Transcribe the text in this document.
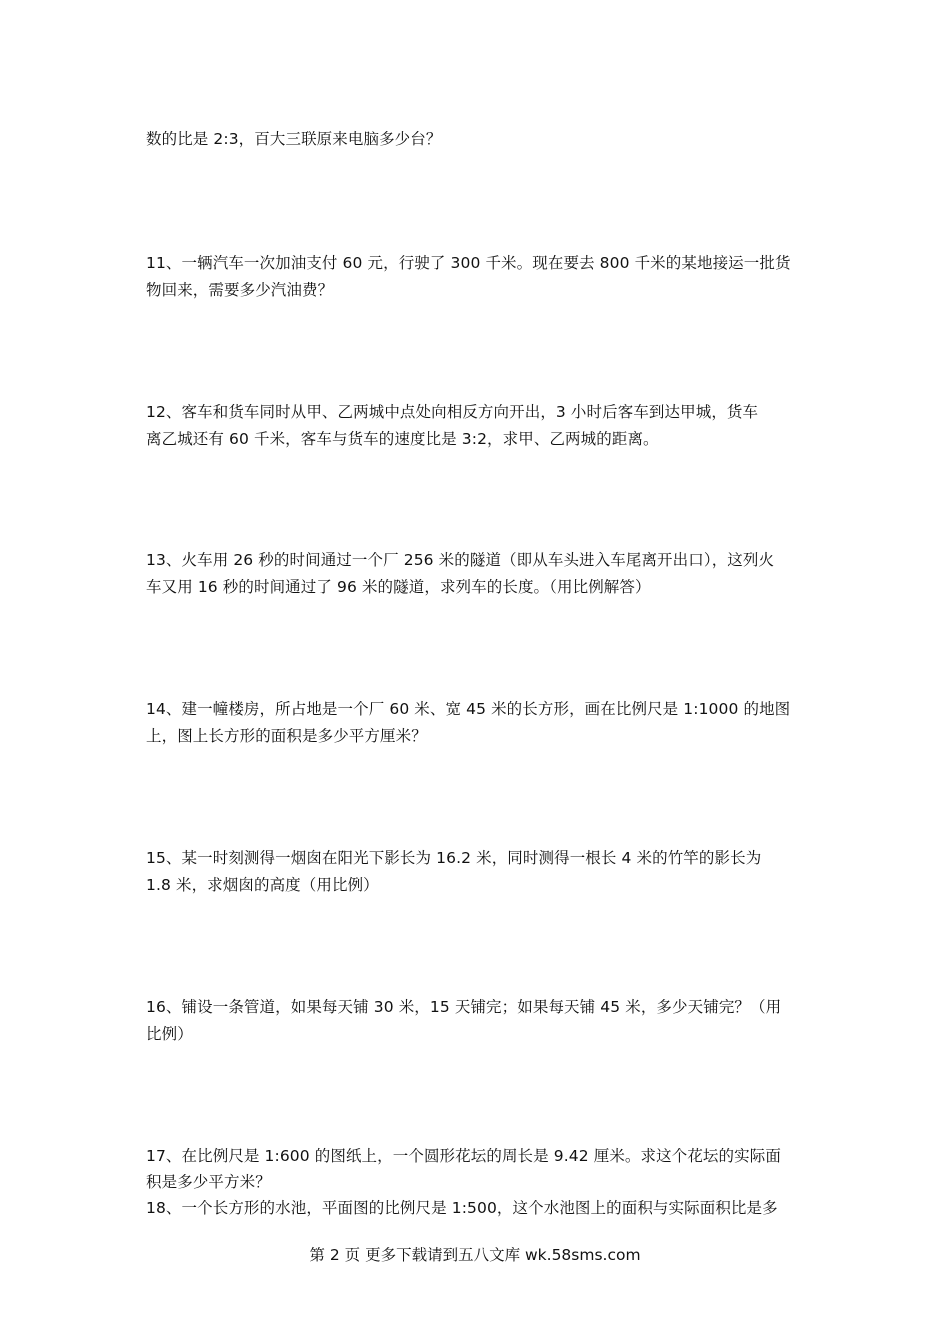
数的比是 2:3，百大三联原来电脑多少台？
11、一辆汽车一次加油支付 60 元，行驶了 300 千米。现在要去 800 千米的某地接运一批货
物回来，需要多少汽油费？
12、客车和货车同时从甲、乙两城中点处向相反方向开出，3 小时后客车到达甲城，货车
离乙城还有 60 千米，客车与货车的速度比是 3:2，求甲、乙两城的距离。
13、火车用 26 秒的时间通过一个厂 256 米的隧道（即从车头进入车尾离开出口），这列火
车又用 16 秒的时间通过了 96 米的隧道，求列车的长度。（用比例解答）
14、建一幢楼房，所占地是一个厂 60 米、宽 45 米的长方形，画在比例尺是 1:1000 的地图
上，图上长方形的面积是多少平方厘米？
15、某一时刻测得一烟囱在阳光下影长为 16.2 米，同时测得一根长 4 米的竹竿的影长为
1.8 米，求烟囱的高度（用比例）
16、铺设一条管道，如果每天铺 30 米，15 天铺完；如果每天铺 45 米，多少天铺完？（用
比例）
17、在比例尺是 1:600 的图纸上，一个圆形花坛的周长是 9.42 厘米。求这个花坛的实际面
积是多少平方米？
18、一个长方形的水池，平面图的比例尺是 1:500，这个水池图上的面积与实际面积比是多
第 2 页 更多下载请到五八文库 wk.58sms.com
